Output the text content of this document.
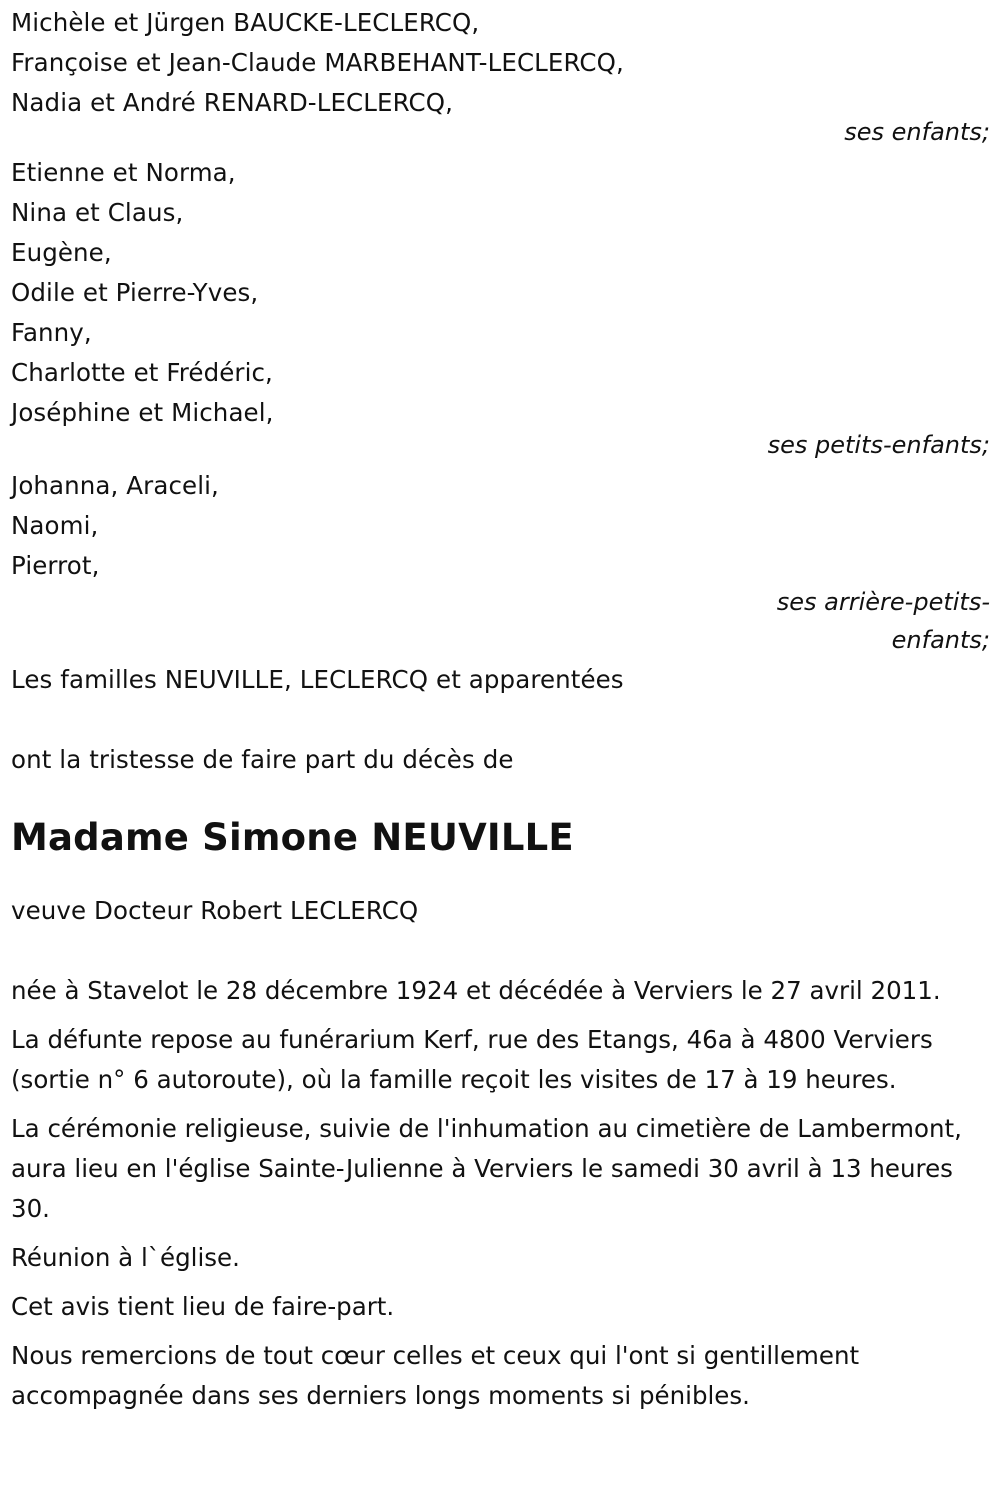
Michèle et Jürgen BAUCKE-LECLERCQ,
Françoise et Jean-Claude MARBEHANT-LECLERCQ,
Nadia et André RENARD-LECLERCQ,
ses enfants;
Etienne et Norma,
Nina et Claus,
Eugène,
Odile et Pierre-Yves,
Fanny,
Charlotte et Frédéric,
Joséphine et Michael,
ses petits-enfants;
Johanna, Araceli,
Naomi,
Pierrot,
ses arrière-petits-
enfants;
Les familles NEUVILLE, LECLERCQ et apparentées
ont la tristesse de faire part du décès de
Madame Simone NEUVILLE
veuve Docteur Robert LECLERCQ
née à Stavelot le 28 décembre 1924 et décédée à Verviers le 27 avril 2011.
La défunte repose au funérarium Kerf, rue des Etangs, 46a à 4800 Verviers (sortie n° 6 autoroute), où la famille reçoit les visites de 17 à 19 heures.
La cérémonie religieuse, suivie de l'inhumation au cimetière de Lambermont, aura lieu en l'église Sainte-Julienne à Verviers le samedi 30 avril à 13 heures 30.
Réunion à l`église.
Cet avis tient lieu de faire-part.
Nous remercions de tout cœur celles et ceux qui l'ont si gentillement accompagnée dans ses derniers longs moments si pénibles.
